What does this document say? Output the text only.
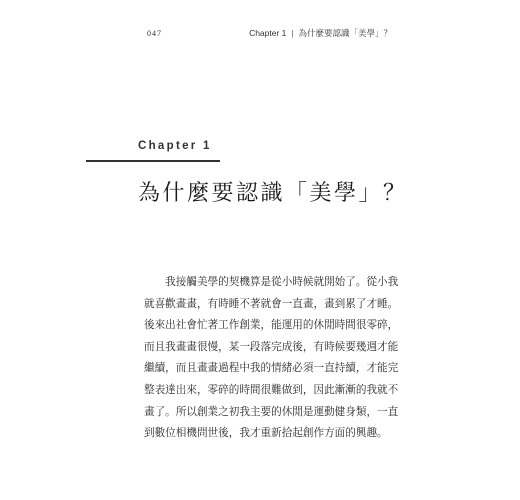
047	Chapter 1 | 為什麼要認識「美學」？
Chapter 1
為什麼要認識「美學」？
　　我接觸美學的契機算是從小時候就開始了。從小我
就喜歡畫畫，有時睡不著就會一直畫，畫到累了才睡。
後來出社會忙著工作創業，能運用的休閒時間很零碎，
而且我畫畫很慢，某一段落完成後，有時候要幾週才能
繼續，而且畫畫過程中我的情緒必須一直持續，才能完
整表達出來，零碎的時間很難做到，因此漸漸的我就不
畫了。所以創業之初我主要的休閒是運動健身類，一直
到數位相機問世後，我才重新拾起創作方面的興趣。
